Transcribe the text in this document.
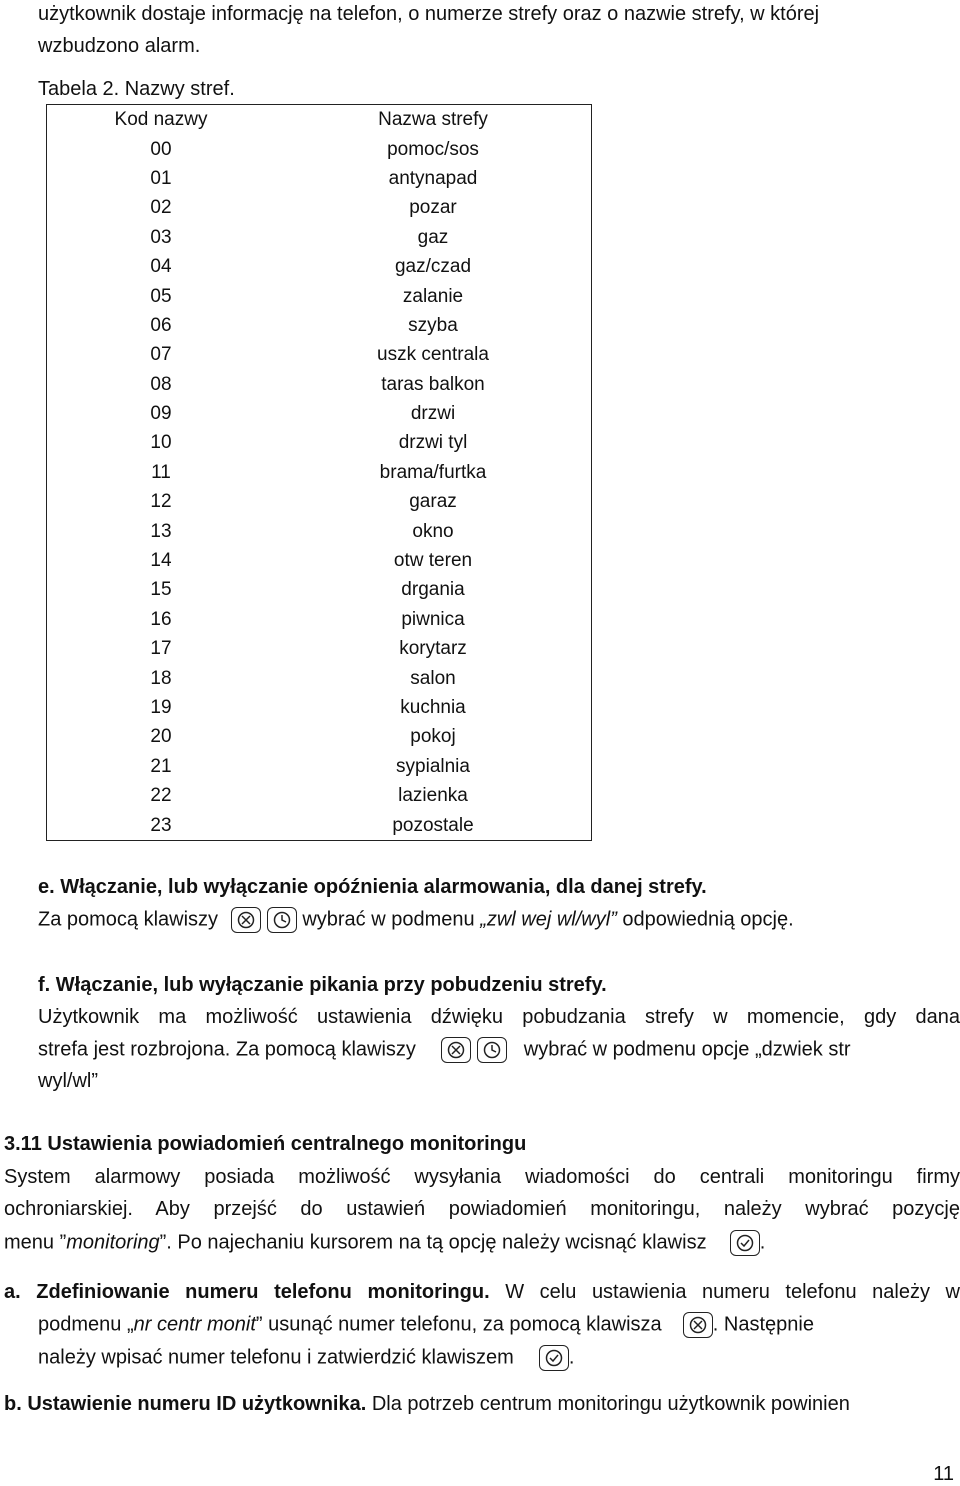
użytkownik dostaje informację na telefon, o numerze strefy oraz o nazwie strefy, w której
wzbudzono alarm.
Tabela 2. Nazwy stref.
Kod nazwy	Nazwa strefy
00	pomoc/sos
01	antynapad
02	pozar
03	gaz
04	gaz/czad
05	zalanie
06	szyba
07	uszk centrala
08	taras balkon
09	drzwi
10	drzwi tyl
11	brama/furtka
12	garaz
13	okno
14	otw teren
15	drgania
16	piwnica
17	korytarz
18	salon
19	kuchnia
20	pokoj
21	sypialnia
22	lazienka
23	pozostale
e. Włączanie, lub wyłączanie opóźnienia alarmowania, dla danej strefy.
Za pomocą klawiszy
	wybrać w podmenu „zwl wej wl/wyl” odpowiednią opcję.
f. Włączanie, lub wyłączanie pikania przy pobudzeniu strefy.
Użytkownik ma możliwość ustawienia dźwięku pobudzania strefy w momencie, gdy dana
strefa jest rozbrojona. Za pomocą klawiszy
	wybrać w podmenu opcje „dzwiek str
wyl/wl”
3.11 Ustawienia powiadomień centralnego monitoringu
System alarmowy posiada możliwość wysyłania wiadomości do centrali monitoringu firmy
ochroniarskiej. Aby przejść do ustawień powiadomień monitoringu, należy wybrać pozycję
menu ”monitoring”. Po najechaniu kursorem na tą opcję należy wcisnąć klawisz	.
a. Zdefiniowanie numeru telefonu monitoringu. W celu ustawienia numeru telefonu należy w
podmenu „nr centr monit” usunąć numer telefonu, za pomocą klawisza	. Następnie
należy wpisać numer telefonu i zatwierdzić klawiszem	.
b. Ustawienie numeru ID użytkownika. Dla potrzeb centrum monitoringu użytkownik powinien
11
